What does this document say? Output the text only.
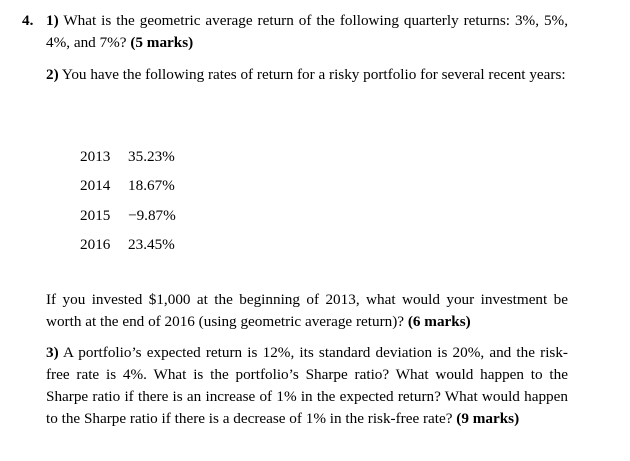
4. 1) What is the geometric average return of the following quarterly returns: 3%, 5%, 4%, and 7%? (5 marks)
2) You have the following rates of return for a risky portfolio for several recent years:
2013	35.23%
2014	18.67%
2015	−9.87%
2016	23.45%

If you invested $1,000 at the beginning of 2013, what would your investment be worth at the end of 2016 (using geometric average return)? (6 marks)

3) A portfolio’s expected return is 12%, its standard deviation is 20%, and the risk-free rate is 4%. What is the portfolio’s Sharpe ratio? What would happen to the Sharpe ratio if there is an increase of 1% in the expected return? What would happen to the Sharpe ratio if there is a decrease of 1% in the risk-free rate? (9 marks)
